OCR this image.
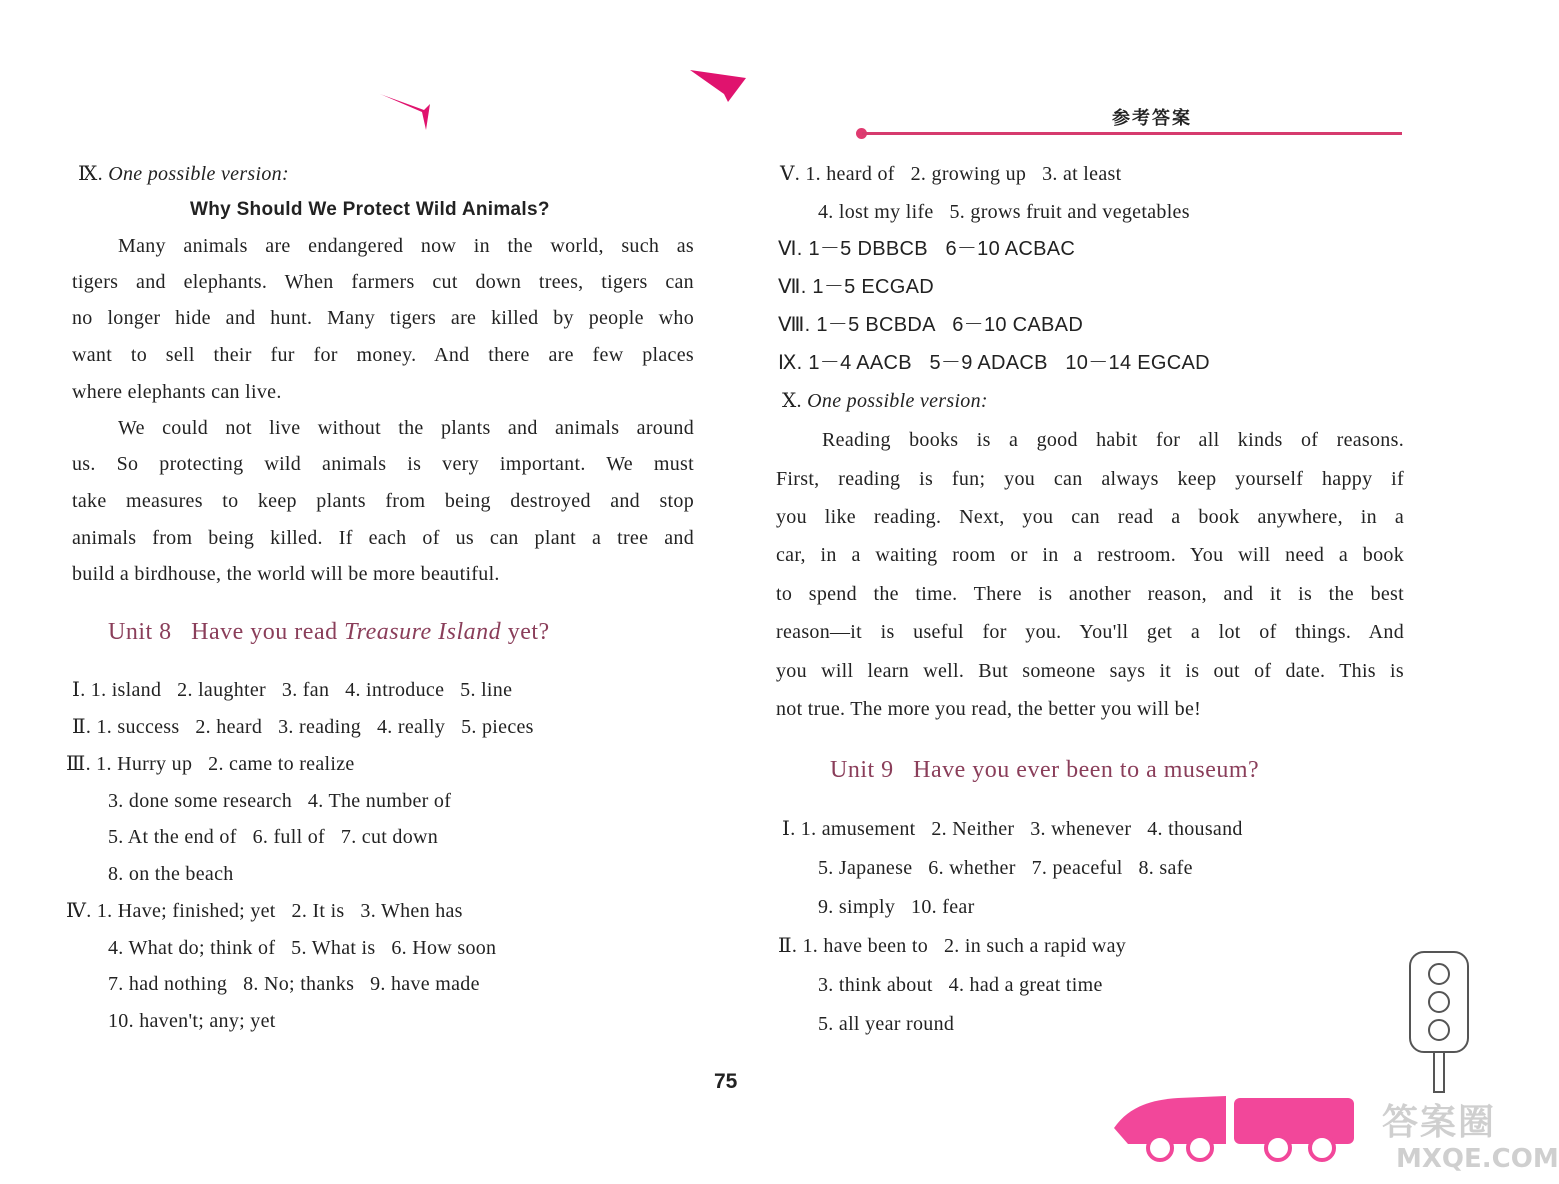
参考答案
Ⅸ. One possible version:
Why Should We Protect Wild Animals?
Many animals are endangered now in the world, such as
tigers and elephants. When farmers cut down trees, tigers can
no longer hide and hunt. Many tigers are killed by people who
want to sell their fur for money. And there are few places
where elephants can live.
We could not live without the plants and animals around
us. So protecting wild animals is very important. We must
take measures to keep plants from being destroyed and stop
animals from being killed. If each of us can plant a tree and
build a birdhouse, the world will be more beautiful.
Unit 8   Have you read Treasure Island yet?
Ⅰ. 1. island   2. laughter   3. fan   4. introduce   5. line
Ⅱ. 1. success   2. heard   3. reading   4. really   5. pieces
Ⅲ. 1. Hurry up   2. came to realize
3. done some research   4. The number of
5. At the end of   6. full of   7. cut down
8. on the beach
Ⅳ. 1. Have; finished; yet   2. It is   3. When has
4. What do; think of   5. What is   6. How soon
7. had nothing   8. No; thanks   9. have made
10. haven't; any; yet
Ⅴ. 1. heard of   2. growing up   3. at least
4. lost my life   5. grows fruit and vegetables
Ⅵ. 1－5 DBBCB   6－10 ACBAC
Ⅶ. 1－5 ECGAD
Ⅷ. 1－5 BCBDA   6－10 CABAD
Ⅸ. 1－4 AACB   5－9 ADACB   10－14 EGCAD
Ⅹ. One possible version:
Reading books is a good habit for all kinds of reasons.
First, reading is fun; you can always keep yourself happy if
you like reading. Next, you can read a book anywhere, in a
car, in a waiting room or in a restroom. You will need a book
to spend the time. There is another reason, and it is the best
reason—it is useful for you. You'll get a lot of things. And
you will learn well. But someone says it is out of date. This is
not true. The more you read, the better you will be!
Unit 9   Have you ever been to a museum?
Ⅰ. 1. amusement   2. Neither   3. whenever   4. thousand
5. Japanese   6. whether   7. peaceful   8. safe
9. simply   10. fear
Ⅱ. 1. have been to   2. in such a rapid way
3. think about   4. had a great time
5. all year round
75
答案圈
MXQE.COM
